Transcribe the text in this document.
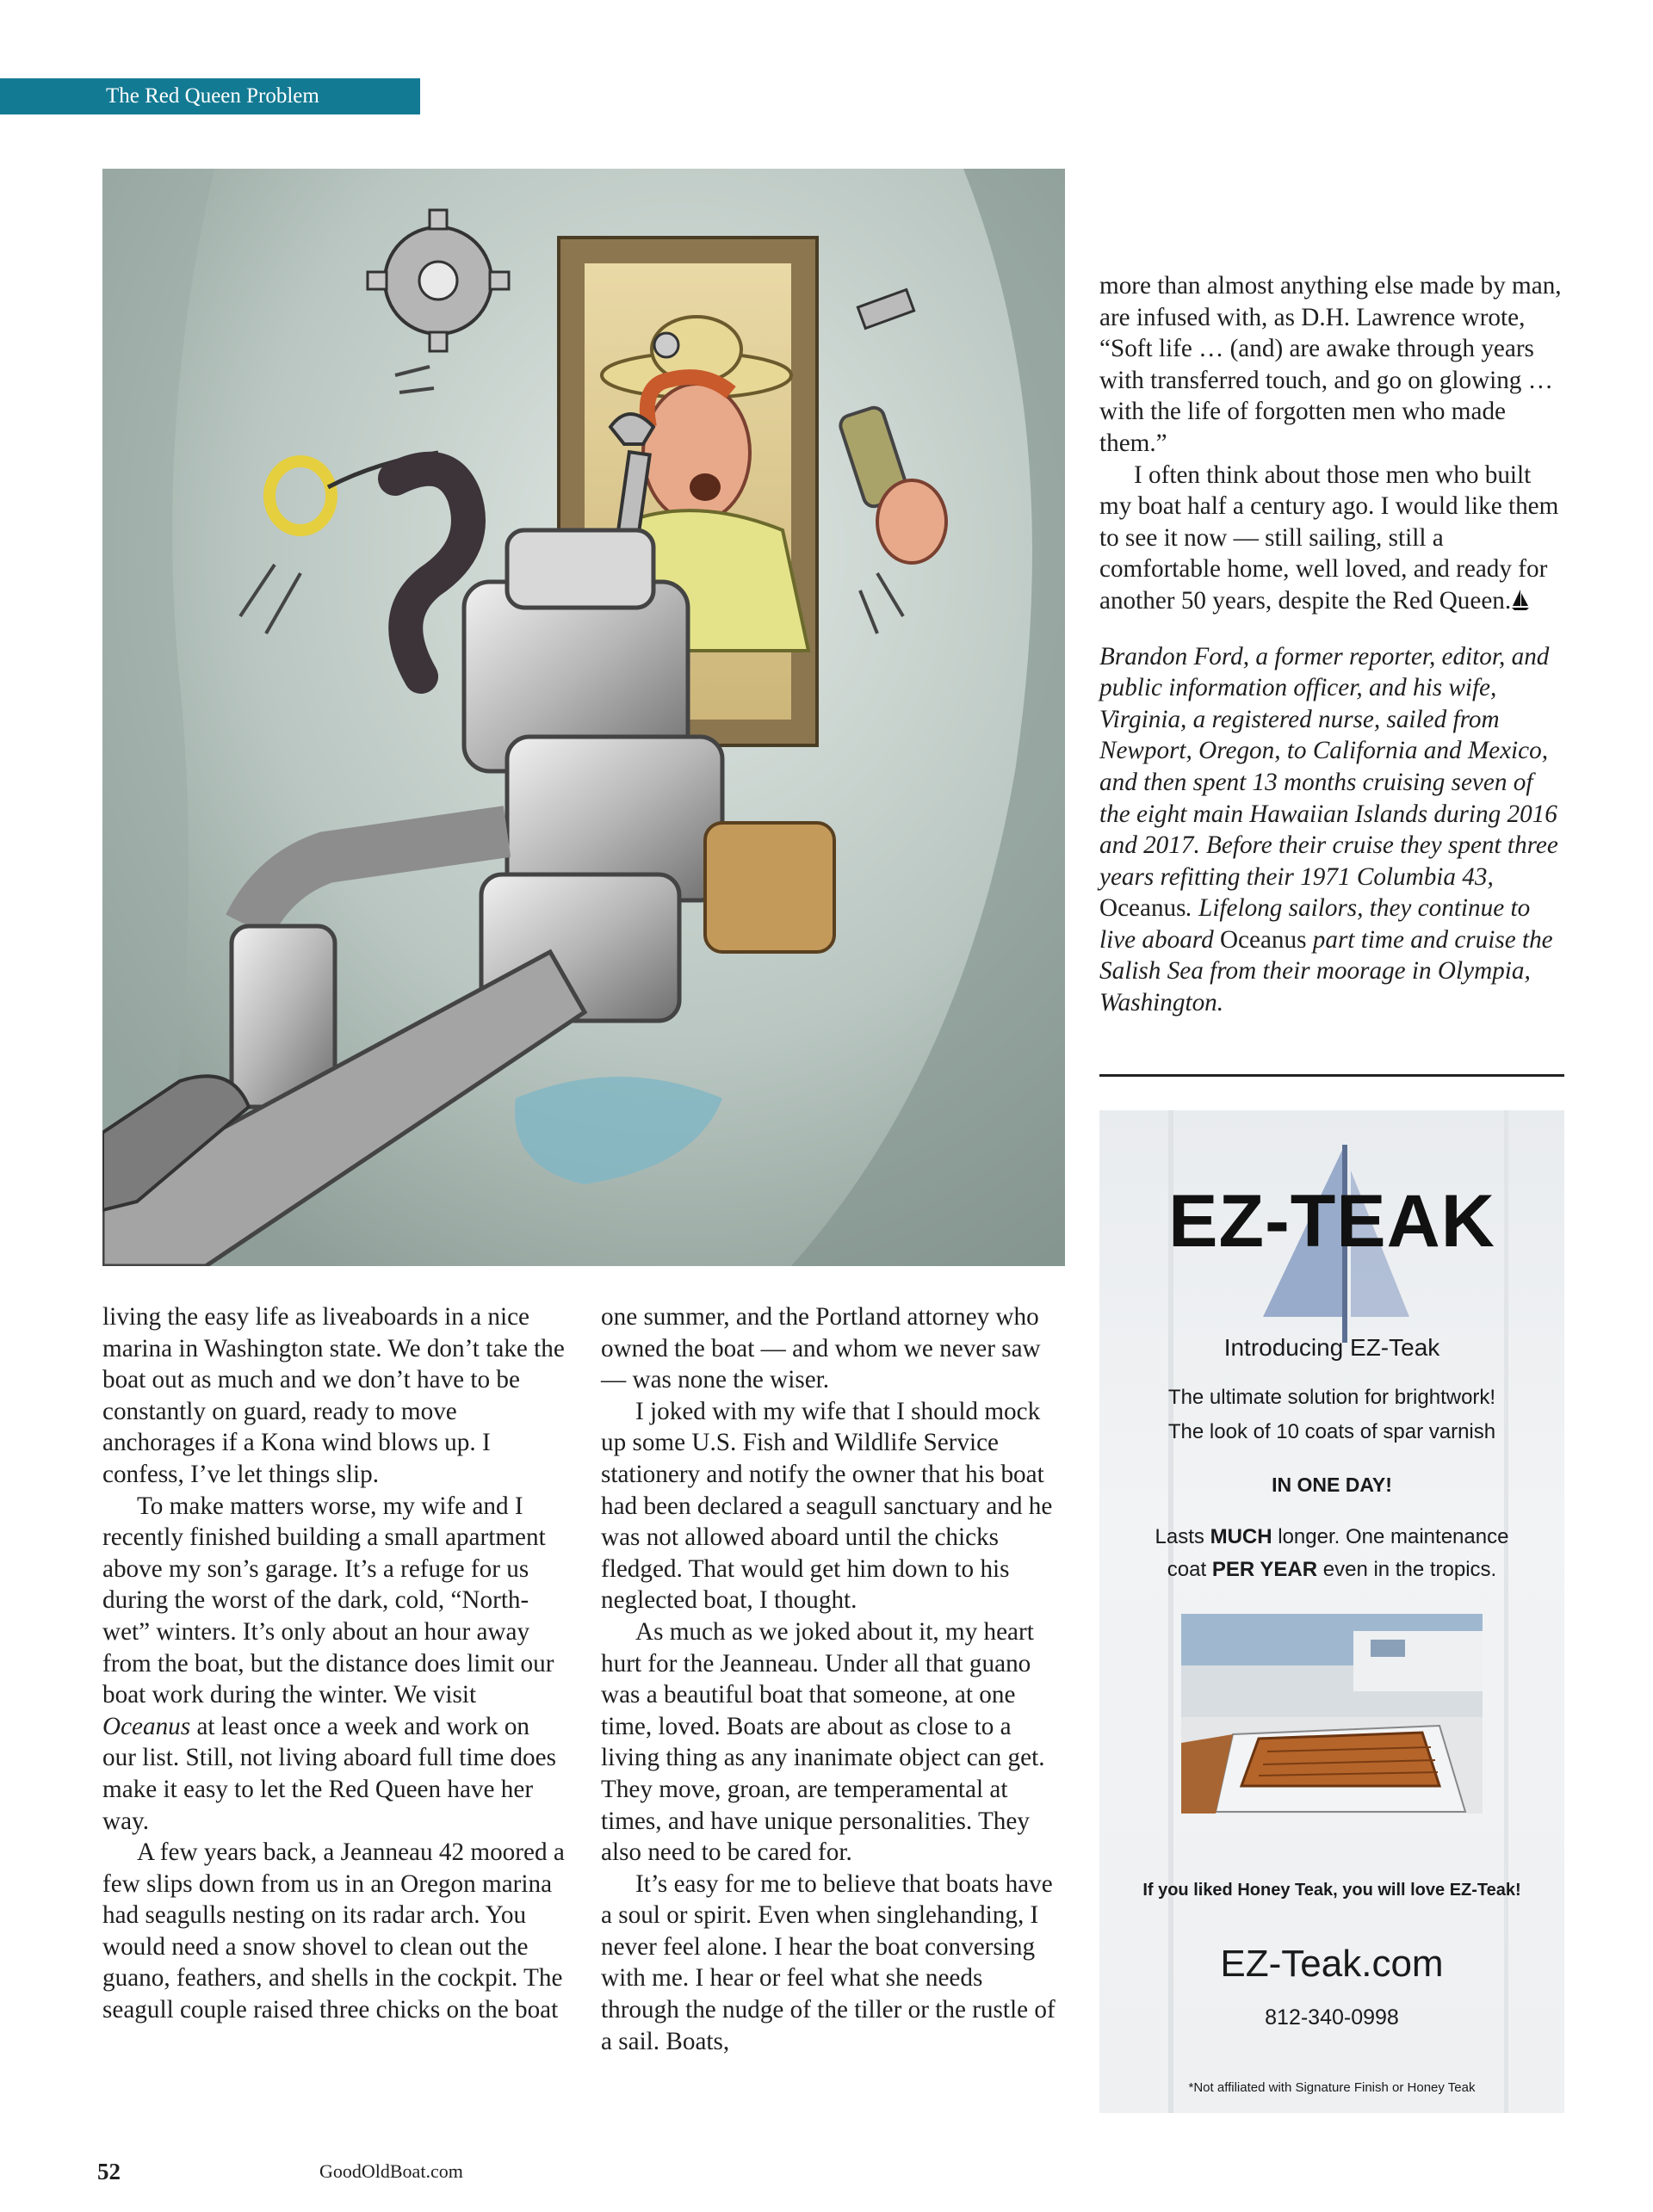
The Red Queen Problem

more than almost anything else made by man, are infused with, as D.H. Lawrence wrote, “Soft life … (and) are awake through years with transferred touch, and go on glowing … with the life of forgotten men who made them.”

I often think about those men who built my boat half a century ago. I would like them to see it now — still sailing, still a comfortable home, well loved, and ready for another 50 years, despite the Red Queen.

Brandon Ford, a former reporter, editor, and public information officer, and his wife, Virginia, a registered nurse, sailed from Newport, Oregon, to California and Mexico, and then spent 13 months cruising seven of the eight main Hawaiian Islands during 2016 and 2017. Before their cruise they spent three years refitting their 1971 Columbia 43, Oceanus. Lifelong sailors, they continue to live aboard Oceanus part time and cruise the Salish Sea from their moorage in Olympia, Washington.

living the easy life as liveaboards in a nice marina in Washington state. We don’t take the boat out as much and we don’t have to be constantly on guard, ready to move anchorages if a Kona wind blows up. I confess, I’ve let things slip.

To make matters worse, my wife and I recently finished building a small apartment above my son’s garage. It’s a refuge for us during the worst of the dark, cold, “North-wet” winters. It’s only about an hour away from the boat, but the distance does limit our boat work during the winter. We visit Oceanus at least once a week and work on our list. Still, not living aboard full time does make it easy to let the Red Queen have her way.

A few years back, a Jeanneau 42 moored a few slips down from us in an Oregon marina had seagulls nesting on its radar arch. You would need a snow shovel to clean out the guano, feathers, and shells in the cockpit. The seagull couple raised three chicks on the boat

one summer, and the Portland attorney who owned the boat — and whom we never saw — was none the wiser.

I joked with my wife that I should mock up some U.S. Fish and Wildlife Service stationery and notify the owner that his boat had been declared a seagull sanctuary and he was not allowed aboard until the chicks fledged. That would get him down to his neglected boat, I thought.

As much as we joked about it, my heart hurt for the Jeanneau. Under all that guano was a beautiful boat that someone, at one time, loved. Boats are about as close to a living thing as any inanimate object can get. They move, groan, are temperamental at times, and have unique personalities. They also need to be cared for.

It’s easy for me to believe that boats have a soul or spirit. Even when singlehanding, I never feel alone. I hear the boat conversing with me. I hear or feel what she needs through the nudge of the tiller or the rustle of a sail. Boats,

EZ-TEAK
Introducing EZ-Teak
The ultimate solution for brightwork!
The look of 10 coats of spar varnish
IN ONE DAY!
Lasts MUCH longer. One maintenance
coat PER YEAR even in the tropics.
If you liked Honey Teak, you will love EZ-Teak!
EZ-Teak.com
812-340-0998
*Not affiliated with Signature Finish or Honey Teak
52	GoodOldBoat.com
